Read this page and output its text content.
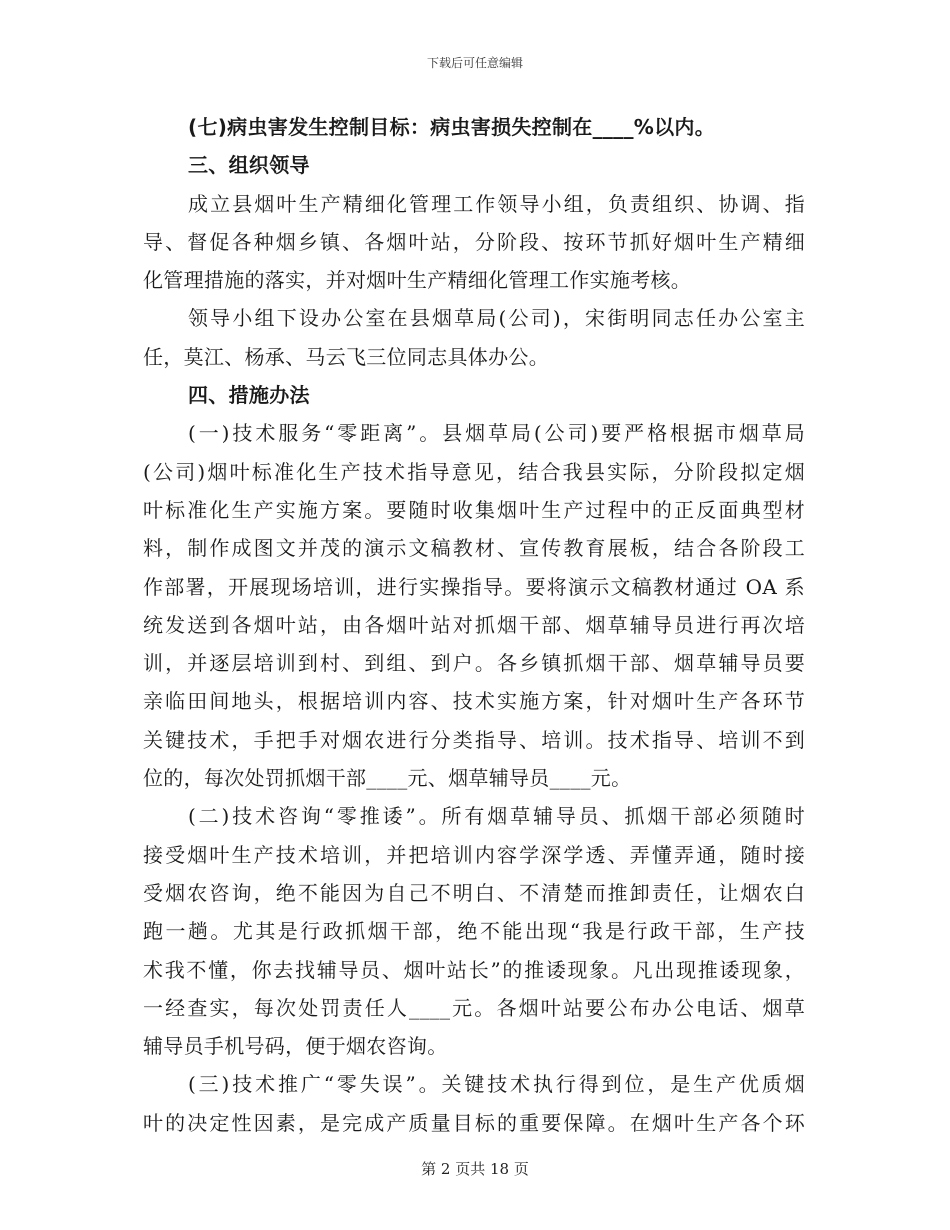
下载后可任意编辑
(七)病虫害发生控制目标：病虫害损失控制在____%以内。
三、组织领导
成立县烟叶生产精细化管理工作领导小组，负责组织、协调、指
导、督促各种烟乡镇、各烟叶站，分阶段、按环节抓好烟叶生产精细
化管理措施的落实，并对烟叶生产精细化管理工作实施考核。
领导小组下设办公室在县烟草局(公司)，宋街明同志任办公室主
任，莫江、杨承、马云飞三位同志具体办公。
四、措施办法
(一)技术服务“零距离”。县烟草局(公司)要严格根据市烟草局
(公司)烟叶标准化生产技术指导意见，结合我县实际，分阶段拟定烟
叶标准化生产实施方案。要随时收集烟叶生产过程中的正反面典型材
料，制作成图文并茂的演示文稿教材、宣传教育展板，结合各阶段工
作部署，开展现场培训，进行实操指导。要将演示文稿教材通过 OA 系
统发送到各烟叶站，由各烟叶站对抓烟干部、烟草辅导员进行再次培
训，并逐层培训到村、到组、到户。各乡镇抓烟干部、烟草辅导员要
亲临田间地头，根据培训内容、技术实施方案，针对烟叶生产各环节
关键技术，手把手对烟农进行分类指导、培训。技术指导、培训不到
位的，每次处罚抓烟干部____元、烟草辅导员____元。
(二)技术咨询“零推诿”。所有烟草辅导员、抓烟干部必须随时
接受烟叶生产技术培训，并把培训内容学深学透、弄懂弄通，随时接
受烟农咨询，绝不能因为自己不明白、不清楚而推卸责任，让烟农白
跑一趟。尤其是行政抓烟干部，绝不能出现“我是行政干部，生产技
术我不懂，你去找辅导员、烟叶站长”的推诿现象。凡出现推诿现象，
一经查实，每次处罚责任人____元。各烟叶站要公布办公电话、烟草
辅导员手机号码，便于烟农咨询。
(三)技术推广“零失误”。关键技术执行得到位，是生产优质烟
叶的决定性因素，是完成产质量目标的重要保障。在烟叶生产各个环
第 2 页共 18 页
